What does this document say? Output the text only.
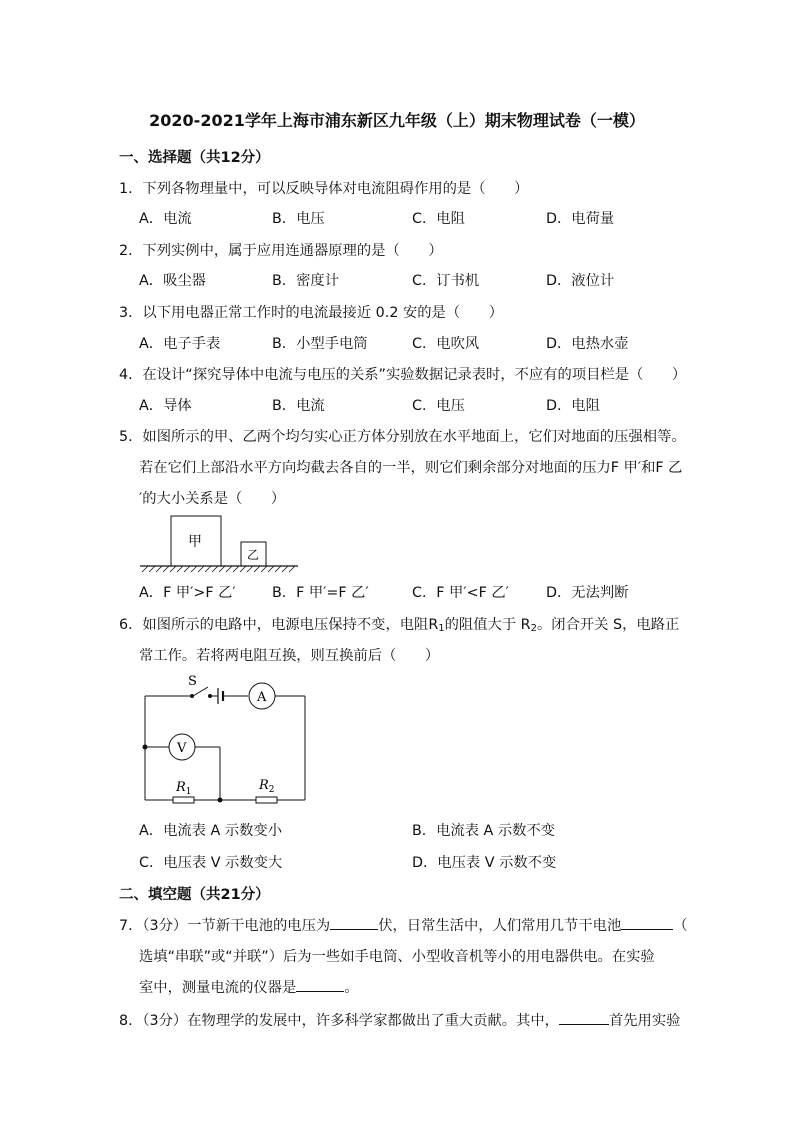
2020-2021学年上海市浦东新区九年级（上）期末物理试卷（一模）
一、选择题（共12分）
1．下列各物理量中，可以反映导体对电流阻碍作用的是（　　）
A．电流	B．电压	C．电阻	D．电荷量
2．下列实例中，属于应用连通器原理的是（　　）
A．吸尘器	B．密度计	C．订书机	D．液位计
3．以下用电器正常工作时的电流最接近 0.2 安的是（　　）
A．电子手表	B．小型手电筒	C．电吹风	D．电热水壶
4．在设计“探究导体中电流与电压的关系”实验数据记录表时，不应有的项目栏是（　　）
A．导体	B．电流	C．电压	D．电阻
5．如图所示的甲、乙两个均匀实心正方体分别放在水平地面上，它们对地面的压强相等。
若在它们上部沿水平方向均截去各自的一半，则它们剩余部分对地面的压力F 甲′和F 乙
′的大小关系是（　　）
甲
乙
A．F 甲′>F 乙′	B．F 甲′=F 乙′	C．F 甲′<F 乙′	D．无法判断
6．如图所示的电路中，电源电压保持不变，电阻$R_1$的阻值大于 $R_2$。闭合开关 S，电路正
常工作。若将两电阻互换，则互换前后（　　）
S
A
V
$R_1$	$R_2$
A．电流表 A 示数变小	B．电流表 A 示数不变
C．电压表 V 示数变大	D．电压表 V 示数不变
二、填空题（共21分）
7．（3分）一节新干电池的电压为	伏，日常生活中，人们常用几节干电池	（
选填“串联”或“并联”）后为一些如手电筒、小型收音机等小的用电器供电。在实验
室中，测量电流的仪器是	。
8．（3分）在物理学的发展中，许多科学家都做出了重大贡献。其中，	首先用实验
